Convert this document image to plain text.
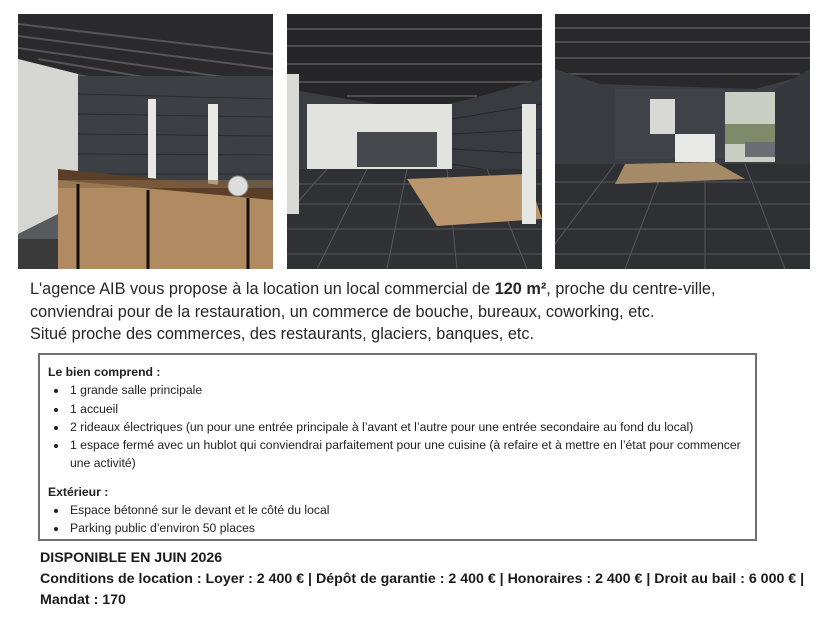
L'agence AIB vous propose à la location un local commercial de 120 m², proche du centre-ville,

conviendrai pour de la restauration, un commerce de bouche, bureaux, coworking, etc.

Situé proche des commerces, des restaurants, glaciers, banques, etc.

Le bien comprend :
• 1 grande salle principale
• 1 accueil
• 2 rideaux électriques (un pour une entrée principale à l’avant et l’autre pour une entrée secondaire au fond du local)
• 1 espace fermé avec un hublot qui conviendrai parfaitement pour une cuisine (à refaire et à mettre en l’état pour commencer une activité)
Extérieur :
• Espace bétonné sur le devant et le côté du local
• Parking public d’environ 50 places

DISPONIBLE EN JUIN 2026

Conditions de location : Loyer : 2 400 € | Dépôt de garantie : 2 400 € | Honoraires : 2 400 € | Droit au bail : 6 000 € | Mandat : 170
